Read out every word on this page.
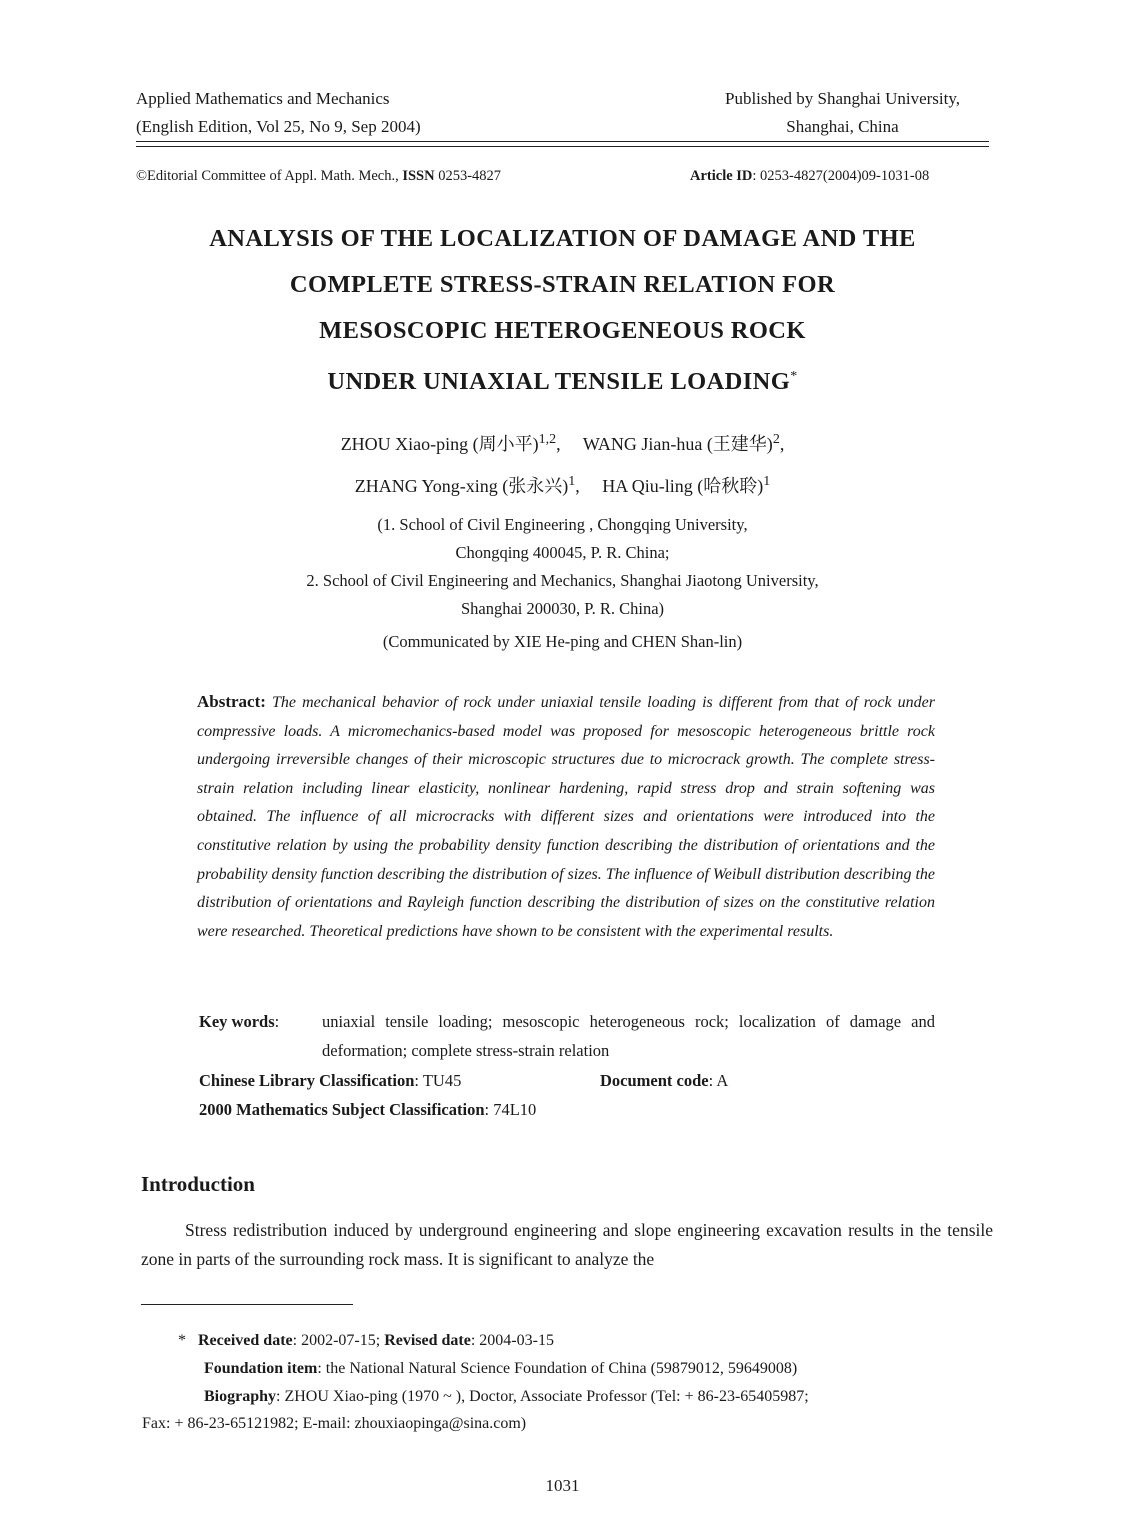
Applied Mathematics and Mechanics
(English Edition, Vol 25, No 9, Sep 2004)
Published by Shanghai University,
Shanghai, China
©Editorial Committee of Appl. Math. Mech., ISSN 0253-4827	Article ID: 0253-4827(2004)09-1031-08
ANALYSIS OF THE LOCALIZATION OF DAMAGE AND THE
COMPLETE STRESS-STRAIN RELATION FOR
MESOSCOPIC HETEROGENEOUS ROCK
UNDER UNIAXIAL TENSILE LOADING*
ZHOU Xiao-ping (周小平)$^{1,2}$,     WANG Jian-hua (王建华)$^2$,
ZHANG Yong-xing (张永兴)$^1$,     HA Qiu-ling (哈秋聆)$^1$
(1. School of Civil Engineering , Chongqing University,
Chongqing 400045, P. R. China;
2. School of Civil Engineering and Mechanics, Shanghai Jiaotong University,
Shanghai 200030, P. R. China)
(Communicated by XIE He-ping and CHEN Shan-lin)
Abstract: The mechanical behavior of rock under uniaxial tensile loading is different from that of rock under compressive loads. A micromechanics-based model was proposed for mesoscopic heterogeneous brittle rock undergoing irreversible changes of their microscopic structures due to microcrack growth. The complete stress-strain relation including linear elasticity, nonlinear hardening, rapid stress drop and strain softening was obtained. The influence of all microcracks with different sizes and orientations were introduced into the constitutive relation by using the probability density function describing the distribution of orientations and the probability density function describing the distribution of sizes. The influence of Weibull distribution describing the distribution of orientations and Rayleigh function describing the distribution of sizes on the constitutive relation were researched. Theoretical predictions have shown to be consistent with the experimental results.
Key words:	uniaxial tensile loading; mesoscopic heterogeneous rock; localization of damage and deformation; complete stress-strain relation
Chinese Library Classification: TU45	Document code: A
2000 Mathematics Subject Classification: 74L10
Introduction
Stress redistribution induced by underground engineering and slope engineering excavation results in the tensile zone in parts of the surrounding rock mass. It is significant to analyze the
* Received date: 2002-07-15; Revised date: 2004-03-15
Foundation item: the National Natural Science Foundation of China (59879012, 59649008)
Biography: ZHOU Xiao-ping (1970 ~ ), Doctor, Associate Professor (Tel: + 86-23-65405987;
Fax: + 86-23-65121982; E-mail: zhouxiaopinga@sina.com)
1031
